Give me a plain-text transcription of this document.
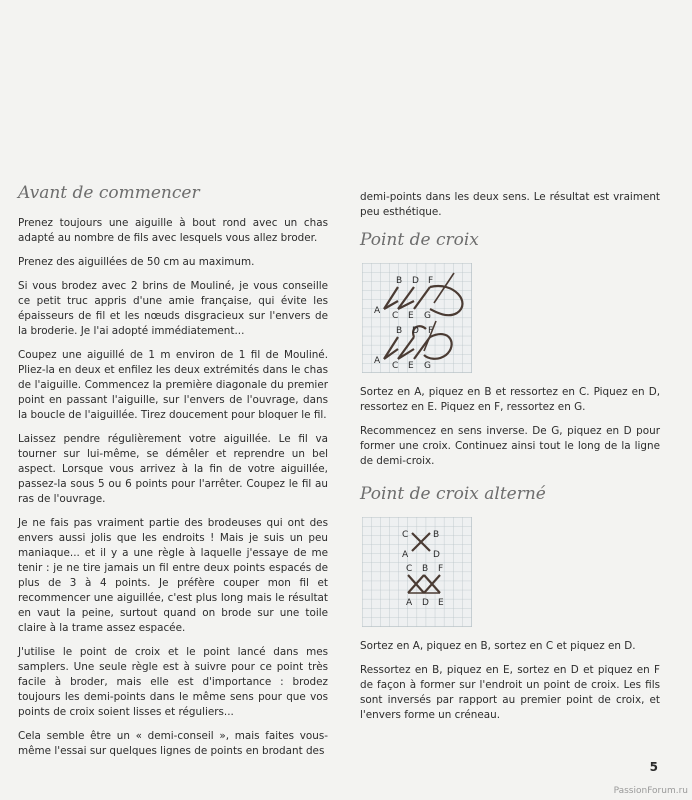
Avant de commencer

Prenez toujours une aiguille à bout rond avec un chas adapté au nombre de fils avec lesquels vous allez broder.

Prenez des aiguillées de 50 cm au maximum.

Si vous brodez avec 2 brins de Mouliné, je vous conseille ce petit truc appris d'une amie française, qui évite les épaisseurs de fil et les nœuds disgracieux sur l'envers de la broderie. Je l'ai adopté immédiatement...

Coupez une aiguillé de 1 m environ de 1 fil de Mouliné. Pliez-la en deux et enfilez les deux extrémités dans le chas de l'aiguille. Commencez la première diagonale du premier point en passant l'aiguille, sur l'envers de l'ouvrage, dans la boucle de l'aiguillée. Tirez doucement pour bloquer le fil.

Laissez pendre régulièrement votre aiguillée. Le fil va tourner sur lui-même, se démêler et reprendre un bel aspect. Lorsque vous arrivez à la fin de votre aiguillée, passez-la sous 5 ou 6 points pour l'arrêter. Coupez le fil au ras de l'ouvrage.

Je ne fais pas vraiment partie des brodeuses qui ont des envers aussi jolis que les endroits ! Mais je suis un peu maniaque... et il y a une règle à laquelle j'essaye de me tenir : je ne tire jamais un fil entre deux points espacés de plus de 3 à 4 points. Je préfère couper mon fil et recommencer une aiguillée, c'est plus long mais le résultat en vaut la peine, surtout quand on brode sur une toile claire à la trame assez espacée.

J'utilise le point de croix et le point lancé dans mes samplers. Une seule règle est à suivre pour ce point très facile à broder, mais elle est d'importance : brodez toujours les demi-points dans le même sens pour que vos points de croix soient lisses et réguliers...

Cela semble être un « demi-conseil », mais faites vous-même l'essai sur quelques lignes de points en brodant des

demi-points dans les deux sens. Le résultat est vraiment peu esthétique.

Point de croix
B D F
A C E G
B D F
A C E G

Sortez en A, piquez en B et ressortez en C. Piquez en D, ressortez en E. Piquez en F, ressortez en G.

Recommencez en sens inverse. De G, piquez en D pour former une croix. Continuez ainsi tout le long de la ligne de demi-croix.

Point de croix alterné
C	B
A	D
C B F
A D E

Sortez en A, piquez en B, sortez en C et piquez en D.

Ressortez en B, piquez en E, sortez en D et piquez en F de façon à former sur l'endroit un point de croix. Les fils sont inversés par rapport au premier point de croix, et l'envers forme un créneau.

5
PassionForum.ru
